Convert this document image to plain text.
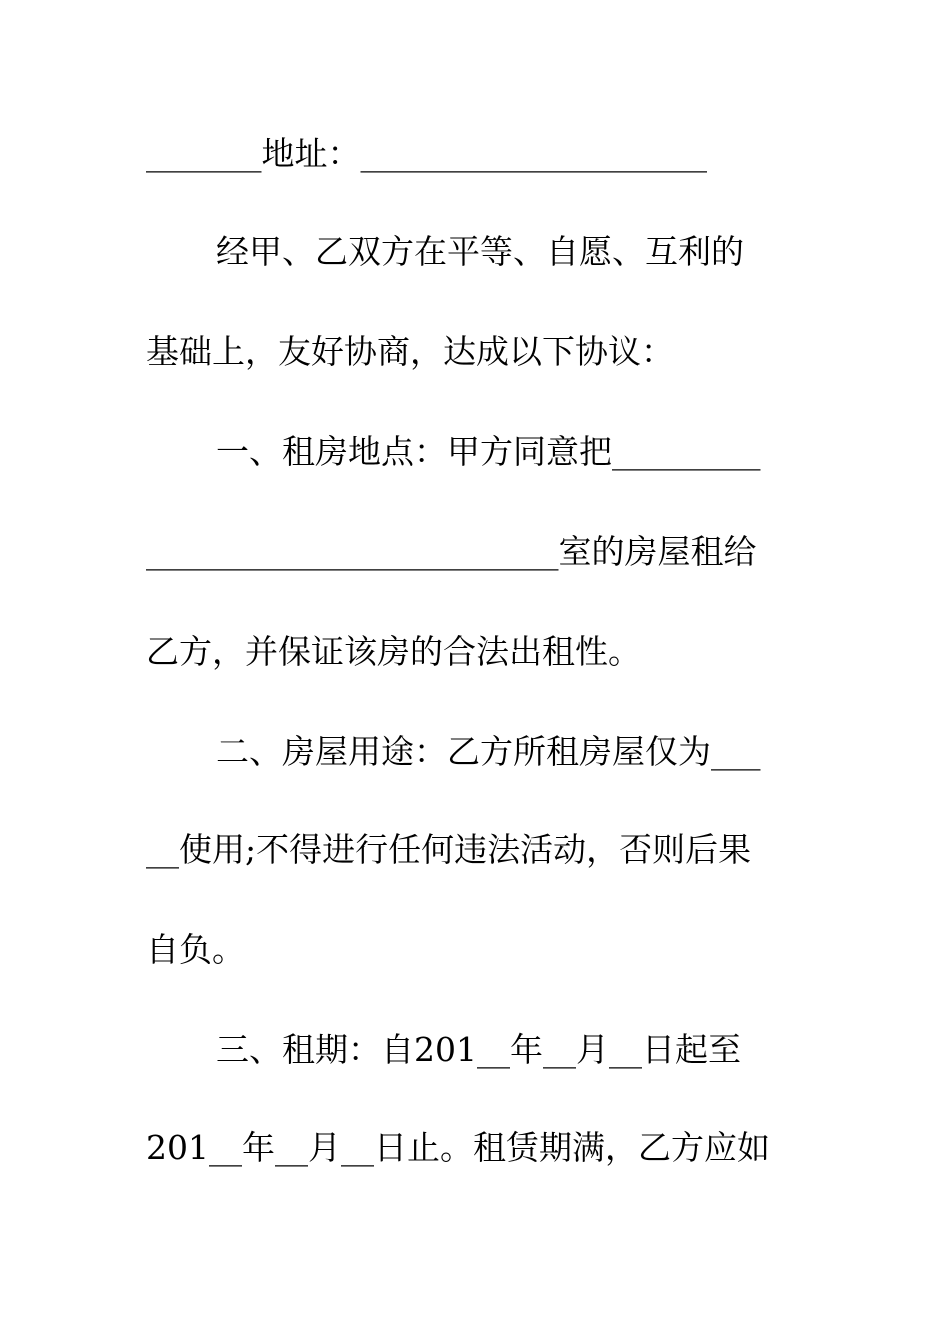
_______地址：_____________________
经甲、乙双方在平等、自愿、互利的
基础上，友好协商，达成以下协议：
一、租房地点：甲方同意把_________
_________________________室的房屋租给
乙方，并保证该房的合法出租性。
二、房屋用途：乙方所租房屋仅为___
__使用;不得进行任何违法活动，否则后果
自负。
三、租期：自201__年__月__日起至
201__年__月__日止。租赁期满，乙方应如
